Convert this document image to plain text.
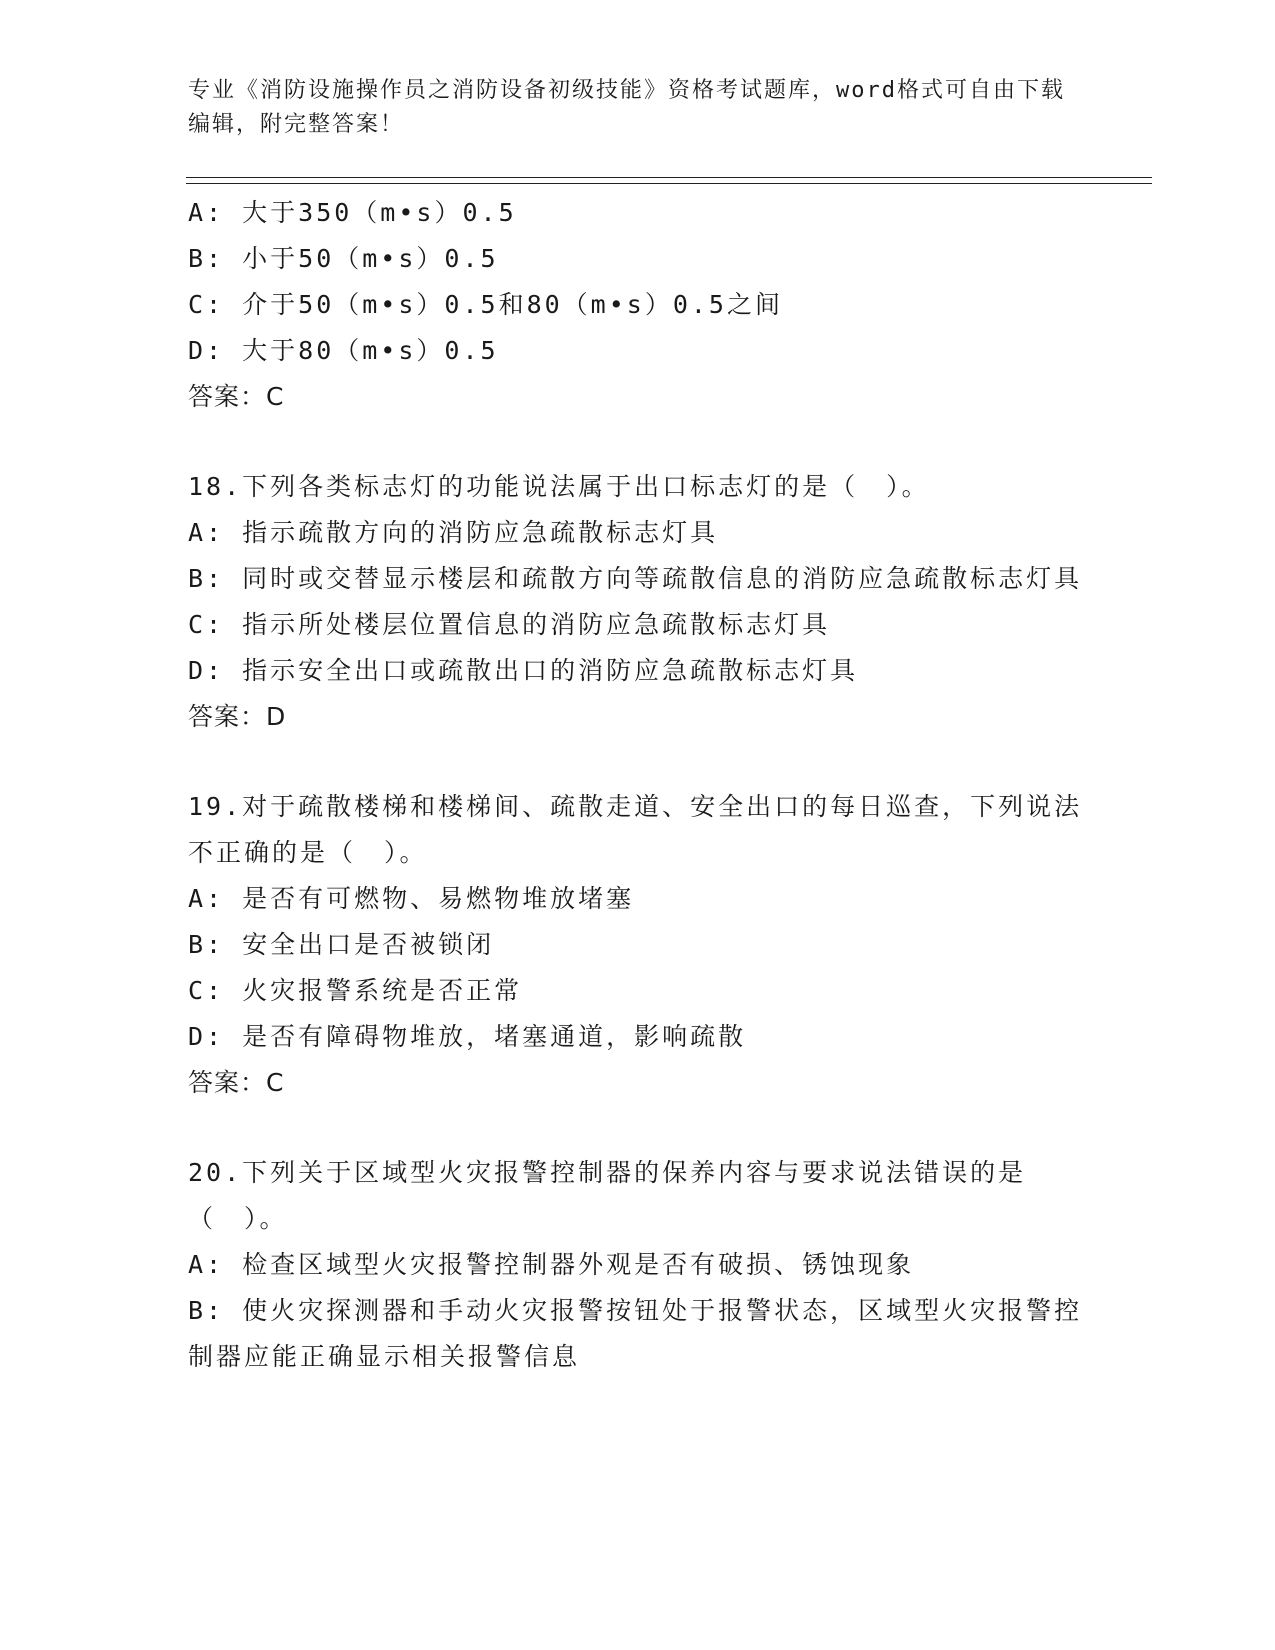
专业《消防设施操作员之消防设备初级技能》资格考试题库，word格式可自由下载编辑，附完整答案！

A: 大于350（m•s）0.5

B: 小于50（m•s）0.5

C: 介于50（m•s）0.5和80（m•s）0.5之间

D: 大于80（m•s）0.5

答案：C

18.下列各类标志灯的功能说法属于出口标志灯的是（　）。

A: 指示疏散方向的消防应急疏散标志灯具

B: 同时或交替显示楼层和疏散方向等疏散信息的消防应急疏散标志灯具

C: 指示所处楼层位置信息的消防应急疏散标志灯具

D: 指示安全出口或疏散出口的消防应急疏散标志灯具

答案：D

19.对于疏散楼梯和楼梯间、疏散走道、安全出口的每日巡查，下列说法不正确的是（　）。

A: 是否有可燃物、易燃物堆放堵塞

B: 安全出口是否被锁闭

C: 火灾报警系统是否正常

D: 是否有障碍物堆放，堵塞通道，影响疏散

答案：C

20.下列关于区域型火灾报警控制器的保养内容与要求说法错误的是（　）。

A: 检查区域型火灾报警控制器外观是否有破损、锈蚀现象

B: 使火灾探测器和手动火灾报警按钮处于报警状态，区域型火灾报警控制器应能正确显示相关报警信息
